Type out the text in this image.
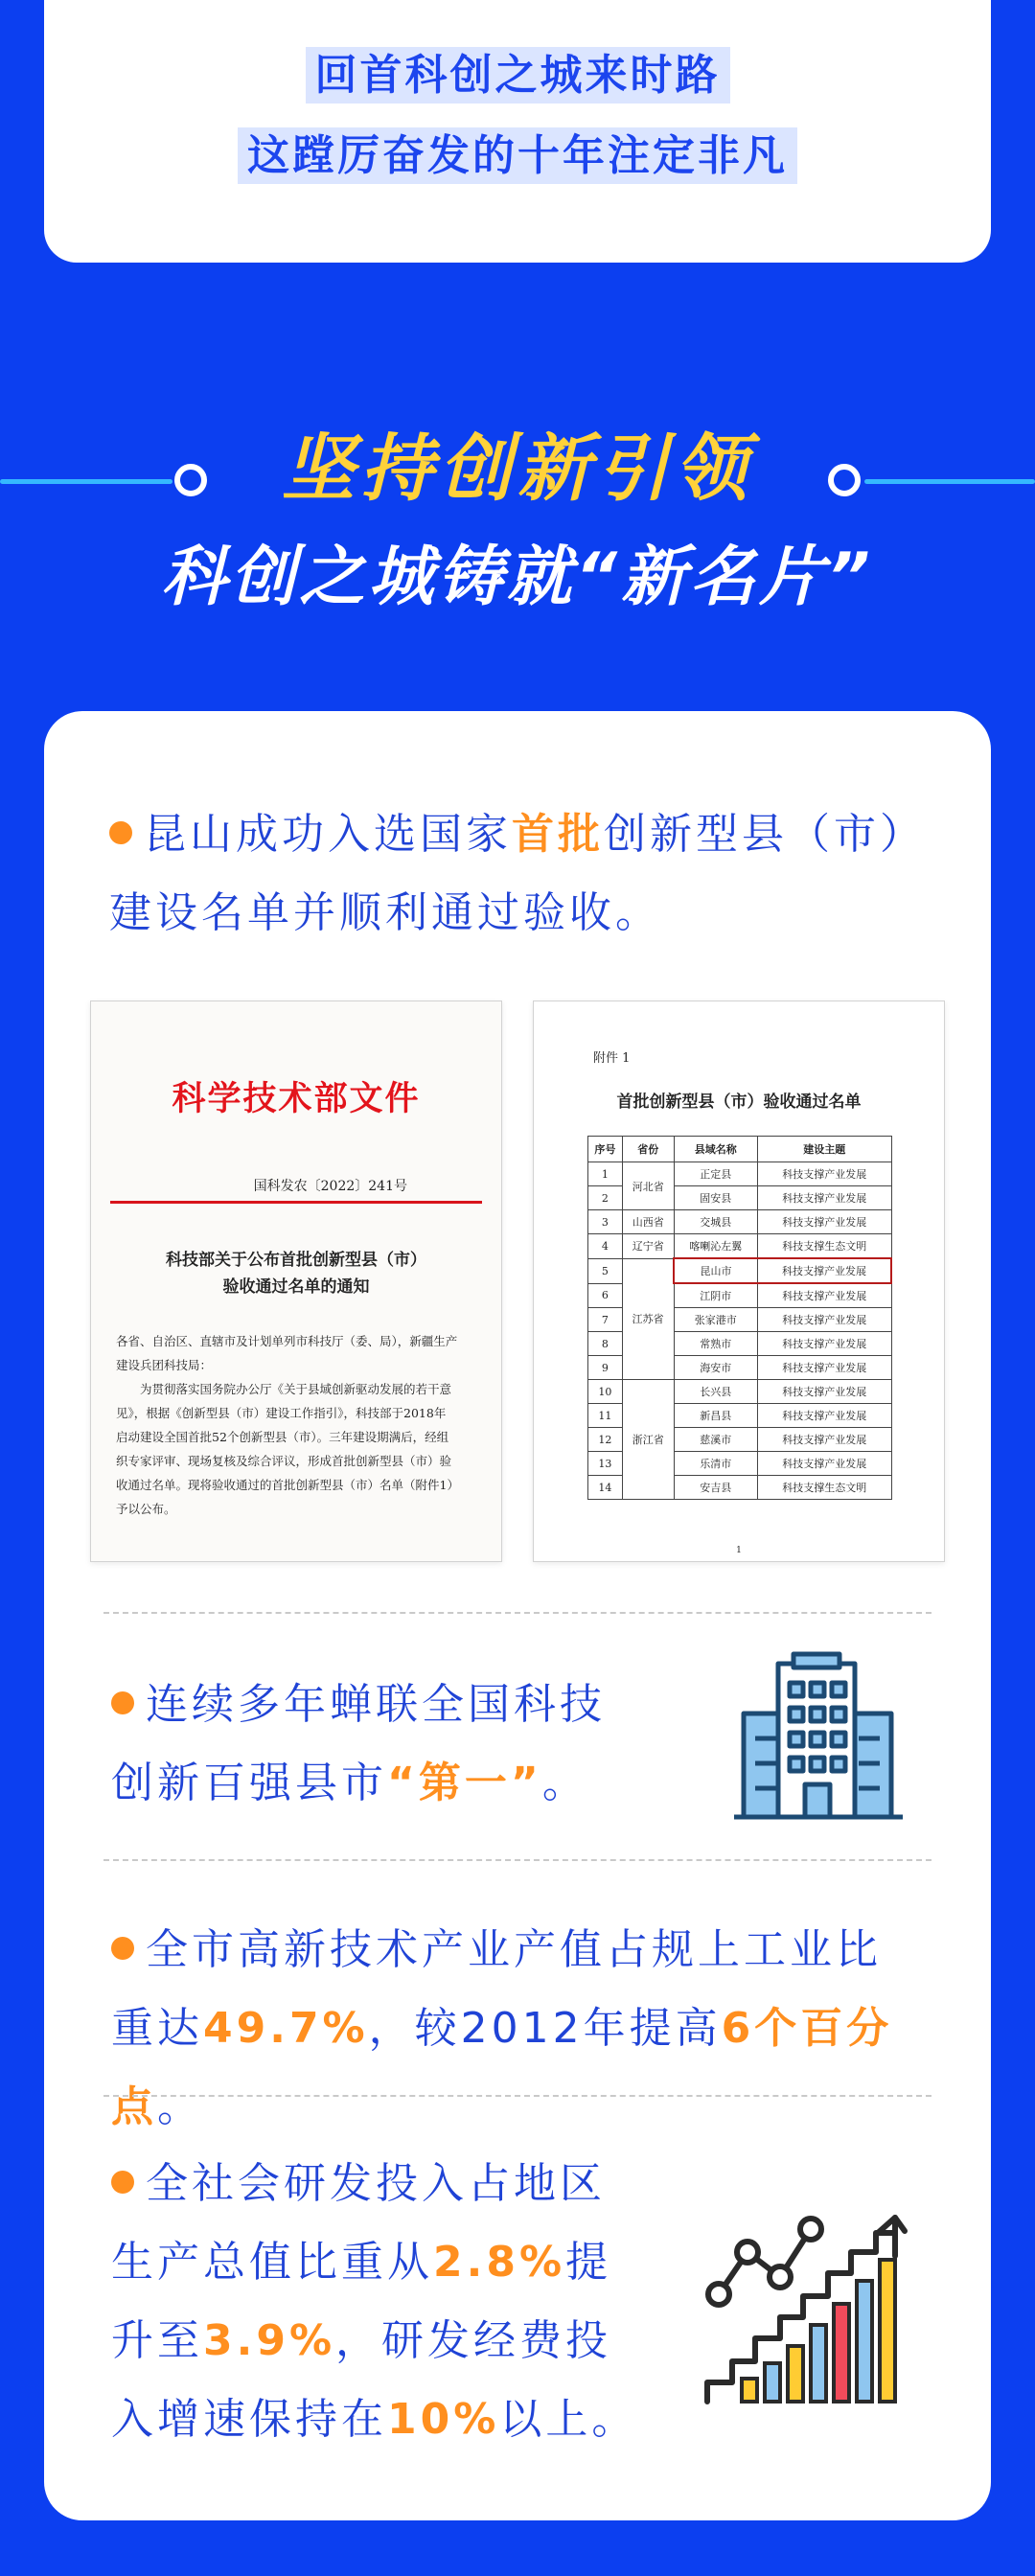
回首科创之城来时路
这蹚厉奋发的十年注定非凡
坚持创新引领
科创之城铸就“新名片”
昆山成功入选国家首批创新型县（市）
建设名单并顺利通过验收。
科学技术部文件
国科发农〔2022〕241号
科技部关于公布首批创新型县（市）
验收通过名单的通知
各省、自治区、直辖市及计划单列市科技厅（委、局），新疆生产
建设兵团科技局：
为贯彻落实国务院办公厅《关于县域创新驱动发展的若干意
见》，根据《创新型县（市）建设工作指引》，科技部于2018年
启动建设全国首批52个创新型县（市）。三年建设期满后，经组
织专家评审、现场复核及综合评议，形成首批创新型县（市）验
收通过名单。现将验收通过的首批创新型县（市）名单（附件1）
予以公布。
附件 1
首批创新型县（市）验收通过名单
序号	省份	县域名称	建设主题
1	河北省	正定县	科技支撑产业发展
2		固安县	科技支撑产业发展
3	山西省	交城县	科技支撑产业发展
4	辽宁省	喀喇沁左翼	科技支撑生态文明
5	江苏省	昆山市	科技支撑产业发展
6		江阴市	科技支撑产业发展
7		张家港市	科技支撑产业发展
8		常熟市	科技支撑产业发展
9		海安市	科技支撑产业发展
10	浙江省	长兴县	科技支撑产业发展
11		新昌县	科技支撑产业发展
12		慈溪市	科技支撑产业发展
13		乐清市	科技支撑产业发展
14		安吉县	科技支撑生态文明
1
连续多年蝉联全国科技
创新百强县市“第一”。
全市高新技术产业产值占规上工业比
重达49.7%，较2012年提高6个百分点。
全社会研发投入占地区
生产总值比重从2.8%提
升至3.9%，研发经费投
入增速保持在10%以上。
